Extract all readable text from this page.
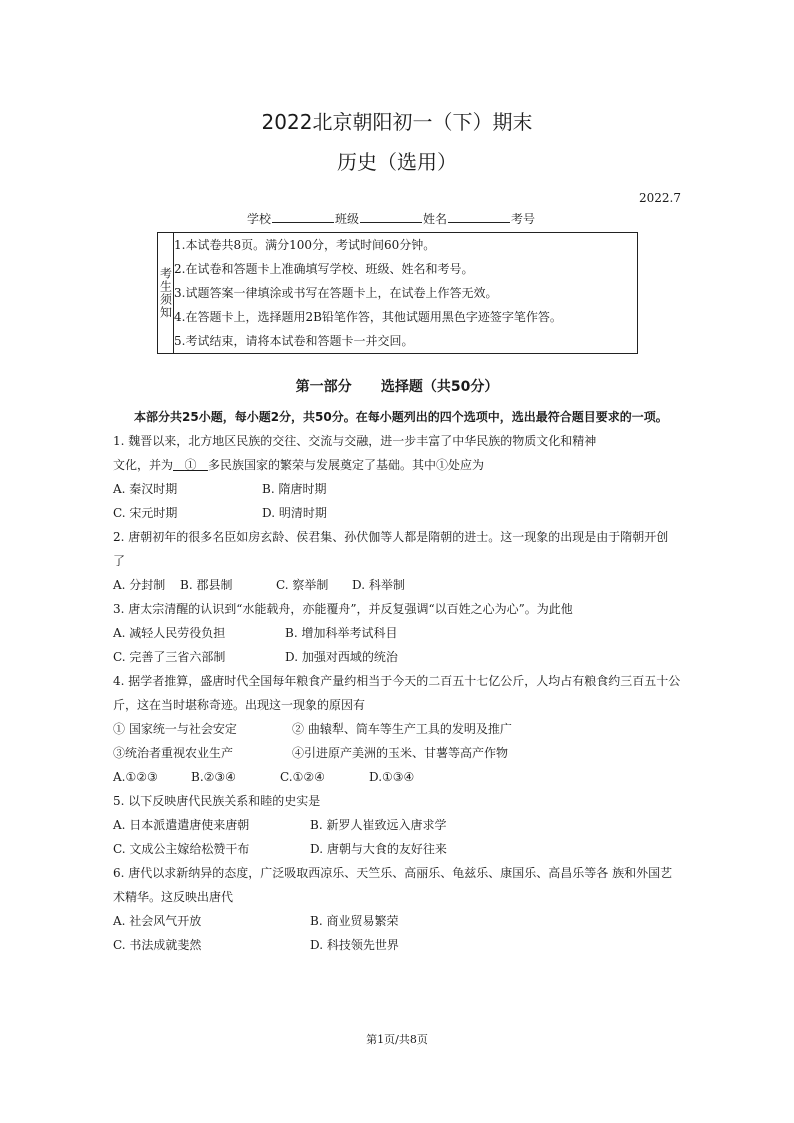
2022北京朝阳初一（下）期末
历史（选用）
2022.7
学校	班级	姓名	考号
考生须知
1.本试卷共8页。满分100分，考试时间60分钟。
2.在试卷和答题卡上准确填写学校、班级、姓名和考号。
3.试题答案一律填涂或书写在答题卡上，在试卷上作答无效。
4.在答题卡上，选择题用2B铅笔作答，其他试题用黑色字迹签字笔作答。
5.考试结束，请将本试卷和答题卡一并交回。
第一部分      选择题（共50分）
本部分共25小题，每小题2分，共50分。在每小题列出的四个选项中，选出最符合题目要求的一项。
1. 魏晋以来，北方地区民族的交往、交流与交融，进一步丰富了中华民族的物质文化和精神
文化，并为 ① 多民族国家的繁荣与发展奠定了基础。其中①处应为
A. 秦汉时期	B. 隋唐时期
C. 宋元时期	D. 明清时期
2. 唐朝初年的很多名臣如房玄龄、侯君集、孙伏伽等人都是隋朝的进士。这一现象的出现是由于隋朝开创
了
A. 分封制 B. 郡县制	C. 察举制 D. 科举制
3. 唐太宗清醒的认识到“水能载舟，亦能覆舟”，并反复强调“以百姓之心为心”。为此他
A. 减轻人民劳役负担	B. 增加科举考试科目
C. 完善了三省六部制	D. 加强对西域的统治
4. 据学者推算，盛唐时代全国每年粮食产量约相当于今天的二百五十七亿公斤，人均占有粮食约三百五十公
斤，这在当时堪称奇迹。出现这一现象的原因有
① 国家统一与社会安定	② 曲辕犁、筒车等生产工具的发明及推广
③统治者重视农业生产	④引进原产美洲的玉米、甘薯等高产作物
A.①②③	B.②③④	C.①②④	D.①③④
5. 以下反映唐代民族关系和睦的史实是
A. 日本派遣遣唐使来唐朝	B. 新罗人崔致远入唐求学
C. 文成公主嫁给松赞干布	D. 唐朝与大食的友好往来
6. 唐代以求新纳异的态度，广泛吸取西凉乐、天竺乐、高丽乐、龟兹乐、康国乐、高昌乐等各 族和外国艺
术精华。这反映出唐代
A. 社会风气开放	B. 商业贸易繁荣
C. 书法成就斐然	D. 科技领先世界
第1页/共8页
